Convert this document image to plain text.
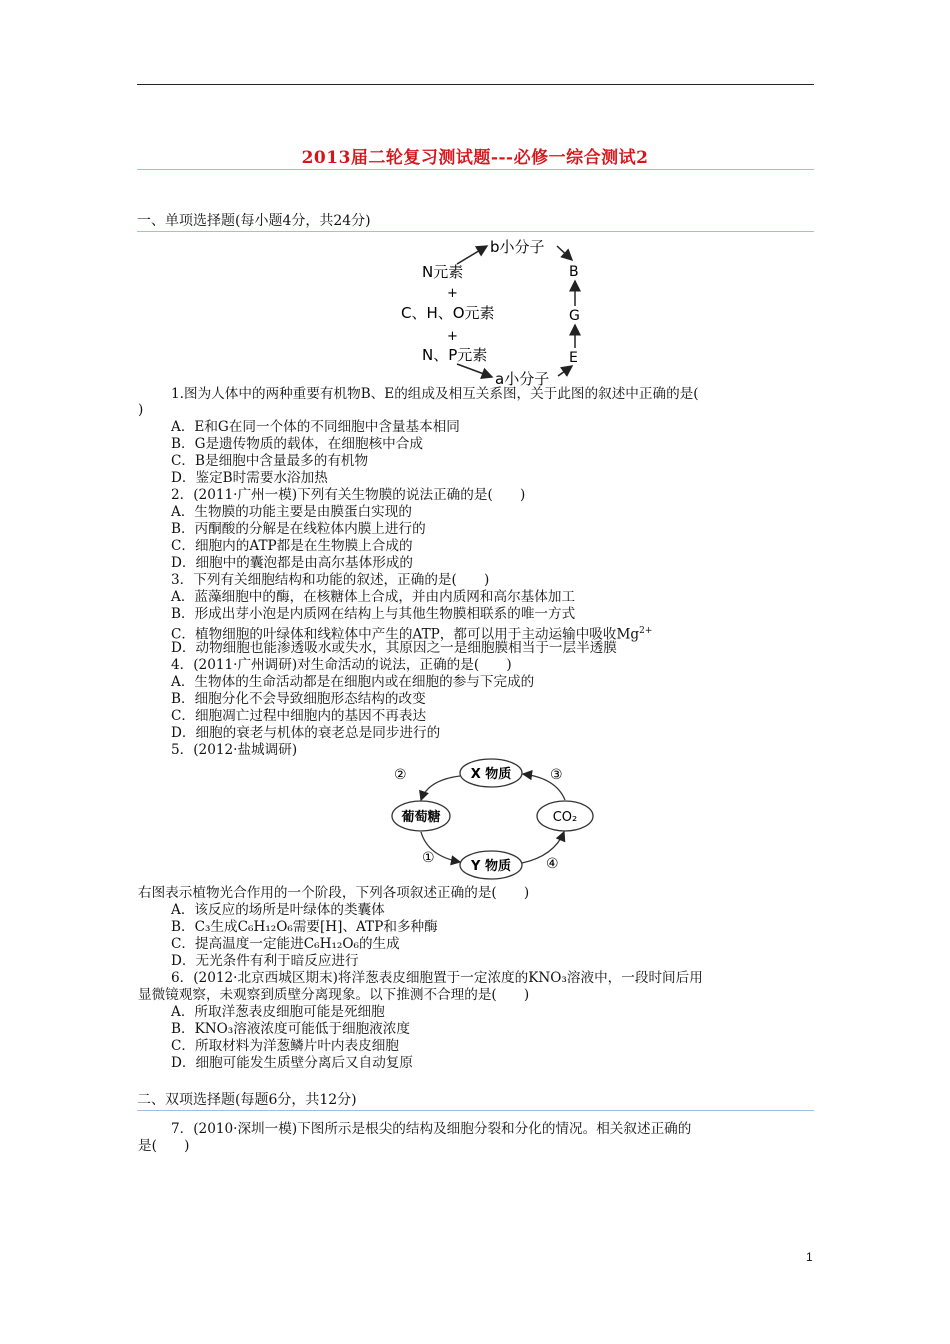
2013届二轮复习测试题---必修一综合测试2
一、单项选择题(每小题4分，共24分)
b小分子
N元素
+
C、H、O元素
+
N、P元素
a小分子
B
G
E
1.图为人体中的两种重要有机物B、E的组成及相互关系图，关于此图的叙述中正确的是(
)
A．E和G在同一个体的不同细胞中含量基本相同
B．G是遗传物质的载体，在细胞核中合成
C．B是细胞中含量最多的有机物
D．鉴定B时需要水浴加热
2．(2011·广州一模)下列有关生物膜的说法正确的是(　　)
A．生物膜的功能主要是由膜蛋白实现的
B．丙酮酸的分解是在线粒体内膜上进行的
C．细胞内的ATP都是在生物膜上合成的
D．细胞中的囊泡都是由高尔基体形成的
3．下列有关细胞结构和功能的叙述，正确的是(　　)
A．蓝藻细胞中的酶，在核糖体上合成，并由内质网和高尔基体加工
B．形成出芽小泡是内质网在结构上与其他生物膜相联系的唯一方式
C．植物细胞的叶绿体和线粒体中产生的ATP，都可以用于主动运输中吸收$Mg^{2+}$
D．动物细胞也能渗透吸水或失水，其原因之一是细胞膜相当于一层半透膜
4．(2011·广州调研)对生命活动的说法，正确的是(　　)
A．生物体的生命活动都是在细胞内或在细胞的参与下完成的
B．细胞分化不会导致细胞形态结构的改变
C．细胞凋亡过程中细胞内的基因不再表达
D．细胞的衰老与机体的衰老总是同步进行的
5．(2012·盐城调研)
X 物质
葡萄糖	CO₂
Y 物质
②	③
①	④
右图表示植物光合作用的一个阶段，下列各项叙述正确的是(　　)
A．该反应的场所是叶绿体的类囊体
B．C₃生成C₆H₁₂O₆需要[H]、ATP和多种酶
C．提高温度一定能进C₆H₁₂O₆的生成
D．无光条件有利于暗反应进行
6．(2012·北京西城区期末)将洋葱表皮细胞置于一定浓度的KNO₃溶液中，一段时间后用
显微镜观察，未观察到质壁分离现象。以下推测不合理的是(　　)
A．所取洋葱表皮细胞可能是死细胞
B．KNO₃溶液浓度可能低于细胞液浓度
C．所取材料为洋葱鳞片叶内表皮细胞
D．细胞可能发生质壁分离后又自动复原
二、双项选择题(每题6分，共12分)
7．(2010·深圳一模)下图所示是根尖的结构及细胞分裂和分化的情况。相关叙述正确的
是(　　)
1
